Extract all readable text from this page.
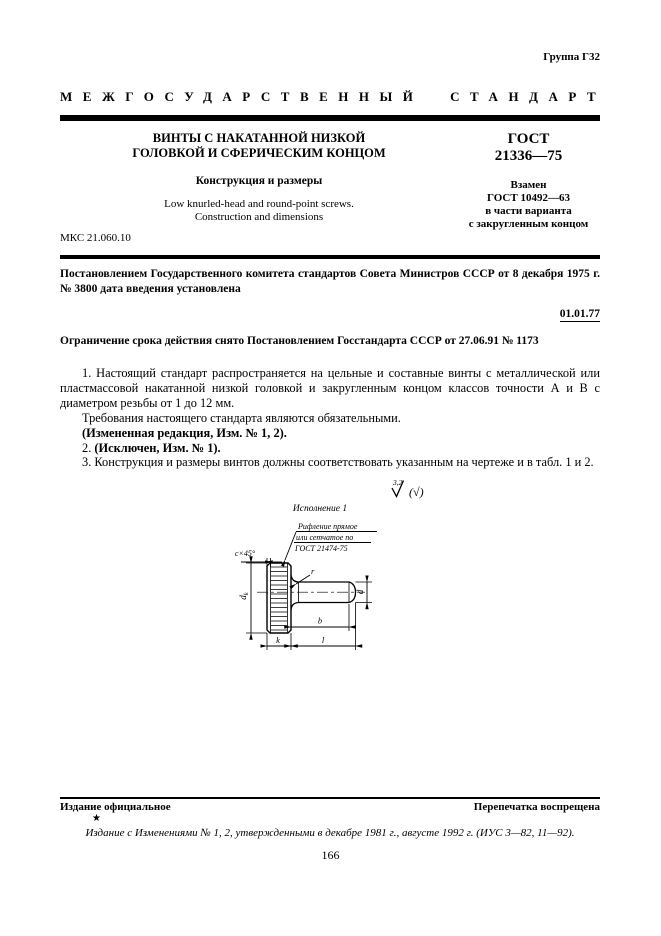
Группа Г32
МЕЖГОСУДАРСТВЕННЫЙ СТАНДАРТ
ВИНТЫ С НАКАТАННОЙ НИЗКОЙ
ГОЛОВКОЙ И СФЕРИЧЕСКИМ КОНЦОМ
Конструкция и размеры
Low knurled-head and round-point screws.
Construction and dimensions
ГОСТ
21336—75
Взамен
ГОСТ 10492—63
в части варианта
с закругленным концом
МКС 21.060.10
Постановлением Государственного комитета стандартов Совета Министров СССР от 8 декабря 1975 г. № 3800 дата введения установлена
01.01.77
Ограничение срока действия снято Постановлением Госстандарта СССР от 27.06.91 № 1173

1. Настоящий стандарт распространяется на цельные и составные винты с металлической или пластмассовой накатанной низкой головкой и закругленным концом классов точности А и В с диаметром резьбы от 1 до 12 мм.

Требования настоящего стандарта являются обязательными.

(Измененная редакция, Изм. № 1, 2).

2. (Исключен, Изм. № 1).

3. Конструкция и размеры винтов должны соответствовать указанным на чертеже и в табл. 1 и 2.

3,2
(√)
Исполнение 1
Рифление прямое
или сетчатое по
ГОСТ 21474-75
c×45°
r
$d_k$	d
b
k	l
Издание официальное	Перепечатка воспрещена
★
Издание с Изменениями № 1, 2, утвержденными в декабре 1981 г., августе 1992 г. (ИУС 3—82, 11—92).
166
